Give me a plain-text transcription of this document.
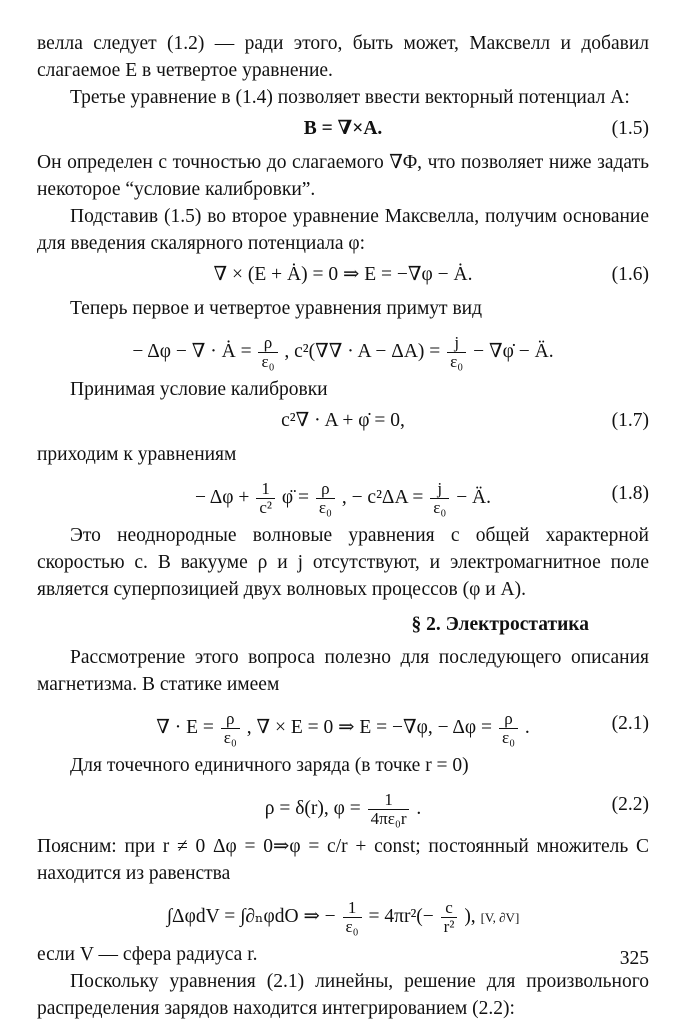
велла следует (1.2) — ради этого, быть может, Максвелл и добавил слагаемое E в четвертое уравнение.

Третье уравнение в (1.4) позволяет ввести векторный потенциал A:

B = ∇×A.	(1.5)

Он определен с точностью до слагаемого ∇Φ, что позволяет ниже задать некоторое “условие калибровки”.

Подставив (1.5) во второе уравнение Максвелла, получим основание для введения скалярного потенциала φ:

∇ × (E + Ȧ) = 0 ⇒ E = −∇φ − Ȧ.	(1.6)

Теперь первое и четвертое уравнения примут вид

− Δφ − ∇ · Ȧ = $\frac{\rho}{\text{ε₀}}$ , $c^2(\nabla\nabla \cdot A - \Delta A) = \frac{j}{\text{ε₀}}$ − ∇φ̇ − Ä.

Принимая условие калибровки

c²∇ · A + φ̇ = 0,	(1.7)

приходим к уравнениям

− $\Delta\varphi + \frac{1}{\text{c²}}$ φ̈ = $\frac{\rho}{\text{ε₀}}$ , − $c^2\Delta A = \frac{j}{\text{ε₀}}$ − Ä.	(1.8)

Это неоднородные волновые уравнения с общей характерной скоростью c. В вакууме ρ и j отсутствуют, и электромагнитное поле является суперпозицией двух волновых процессов (φ и A).

§ 2. Электростатика

Рассмотрение этого вопроса полезно для последующего описания магнетизма. В статике имеем

∇ · $E = \frac{\rho}{\text{ε₀}}$ , ∇ × E = 0 ⇒ E = −∇φ, − $\Delta\varphi = \frac{\rho}{\text{ε₀}}$ .	(2.1)

Для точечного единичного заряда (в точке r = 0)

ρ = δ(r), $\varphi = \frac{1}{\text{4πε₀r}}$ .	(2.2)

Поясним: при r ≠ 0 Δφ = 0⇒φ = c/r + const; постоянный множитель C находится из равенства

∫ΔφdV = ∫∂ₙφdO ⇒ − $\frac{1}{\text{ε₀}} = 4\pi r^2(- \frac{c}{\text{r²}}$ ), [V, ∂V]

если V — сфера радиуса r.

Поскольку уравнения (2.1) линейны, решение для произвольного распределения зарядов находится интегрированием (2.2):

325
